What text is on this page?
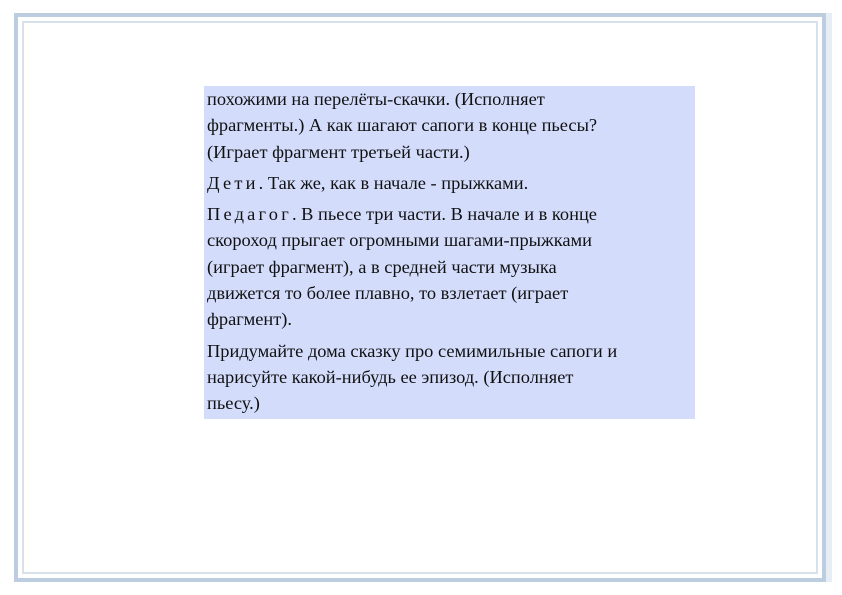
похожими на перелёты-скачки. (Исполняет
фрагменты.) А как шагают сапоги в конце пьесы?
(Играет фрагмент третьей части.)

Дети. Так же, как в начале - прыжками.

Педагог. В пьесе три части. В начале и в конце
скороход прыгает огромными шагами-прыжками
(играет фрагмент), а в средней части музыка
движется то более плавно, то взлетает (играет
фрагмент).

Придумайте дома сказку про семимильные сапоги и
нарисуйте какой-нибудь ее эпизод. (Исполняет
пьесу.)
